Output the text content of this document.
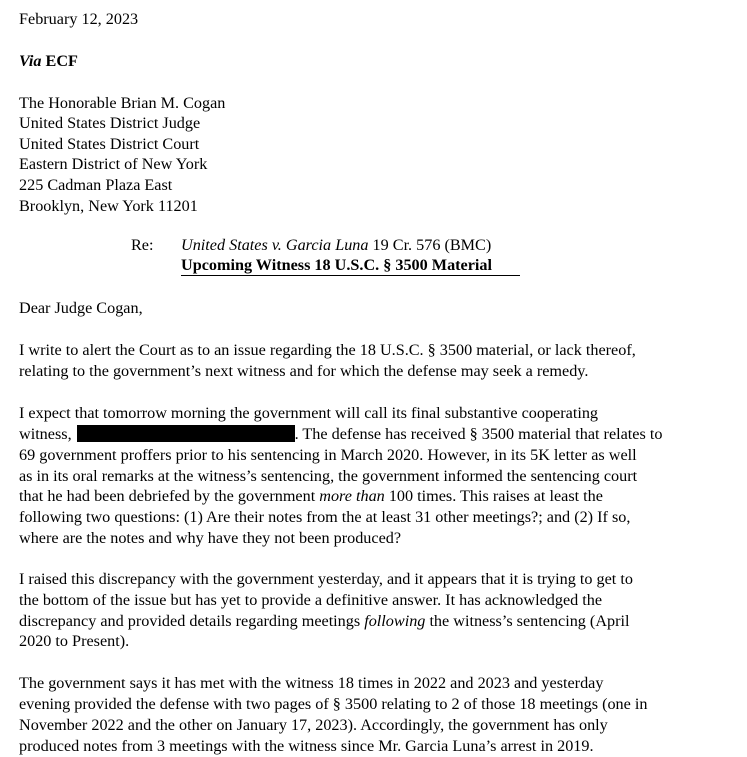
February 12, 2023
Via ECF
The Honorable Brian M. Cogan
United States District Judge
United States District Court
Eastern District of New York
225 Cadman Plaza East
Brooklyn, New York 11201
Re: United States v. Garcia Luna 19 Cr. 576 (BMC)
Upcoming Witness 18 U.S.C. § 3500 Material
Dear Judge Cogan,
I write to alert the Court as to an issue regarding the 18 U.S.C. § 3500 material, or lack thereof,
relating to the government’s next witness and for which the defense may seek a remedy.
I expect that tomorrow morning the government will call its final substantive cooperating
witness,	. The defense has received § 3500 material that relates to
69 government proffers prior to his sentencing in March 2020. However, in its 5K letter as well
as in its oral remarks at the witness’s sentencing, the government informed the sentencing court
that he had been debriefed by the government more than 100 times. This raises at least the
following two questions: (1) Are their notes from the at least 31 other meetings?; and (2) If so,
where are the notes and why have they not been produced?
I raised this discrepancy with the government yesterday, and it appears that it is trying to get to
the bottom of the issue but has yet to provide a definitive answer. It has acknowledged the
discrepancy and provided details regarding meetings following the witness’s sentencing (April
2020 to Present).
The government says it has met with the witness 18 times in 2022 and 2023 and yesterday
evening provided the defense with two pages of § 3500 relating to 2 of those 18 meetings (one in
November 2022 and the other on January 17, 2023). Accordingly, the government has only
produced notes from 3 meetings with the witness since Mr. Garcia Luna’s arrest in 2019.
